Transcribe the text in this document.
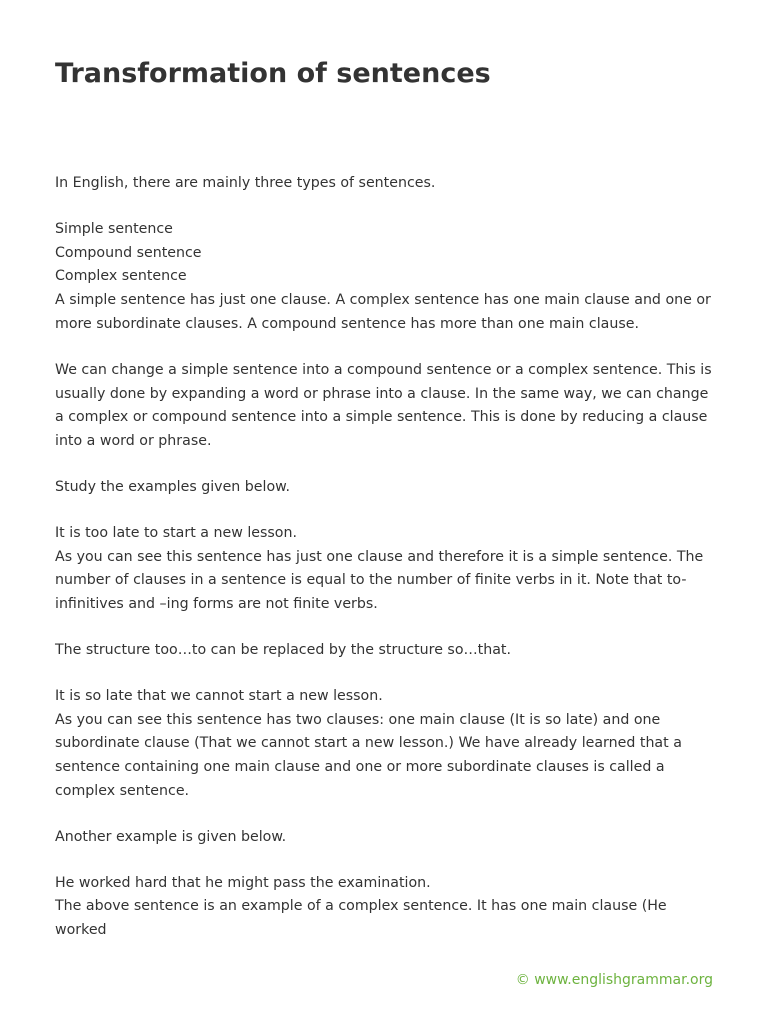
Transformation of sentences

In English, there are mainly three types of sentences.

Simple sentence
Compound sentence
Complex sentence
A simple sentence has just one clause. A complex sentence has one main clause and one or more subordinate clauses. A compound sentence has more than one main clause.

We can change a simple sentence into a compound sentence or a complex sentence. This is usually done by expanding a word or phrase into a clause. In the same way, we can change a complex or compound sentence into a simple sentence. This is done by reducing a clause into a word or phrase.

Study the examples given below.

It is too late to start a new lesson.
As you can see this sentence has just one clause and therefore it is a simple sentence. The number of clauses in a sentence is equal to the number of finite verbs in it. Note that to-infinitives and –ing forms are not finite verbs.

The structure too…to can be replaced by the structure so…that.

It is so late that we cannot start a new lesson.
As you can see this sentence has two clauses: one main clause (It is so late) and one subordinate clause (That we cannot start a new lesson.) We have already learned that a sentence containing one main clause and one or more subordinate clauses is called a complex sentence.

Another example is given below.

He worked hard that he might pass the examination.
The above sentence is an example of a complex sentence. It has one main clause (He worked

© www.englishgrammar.org
